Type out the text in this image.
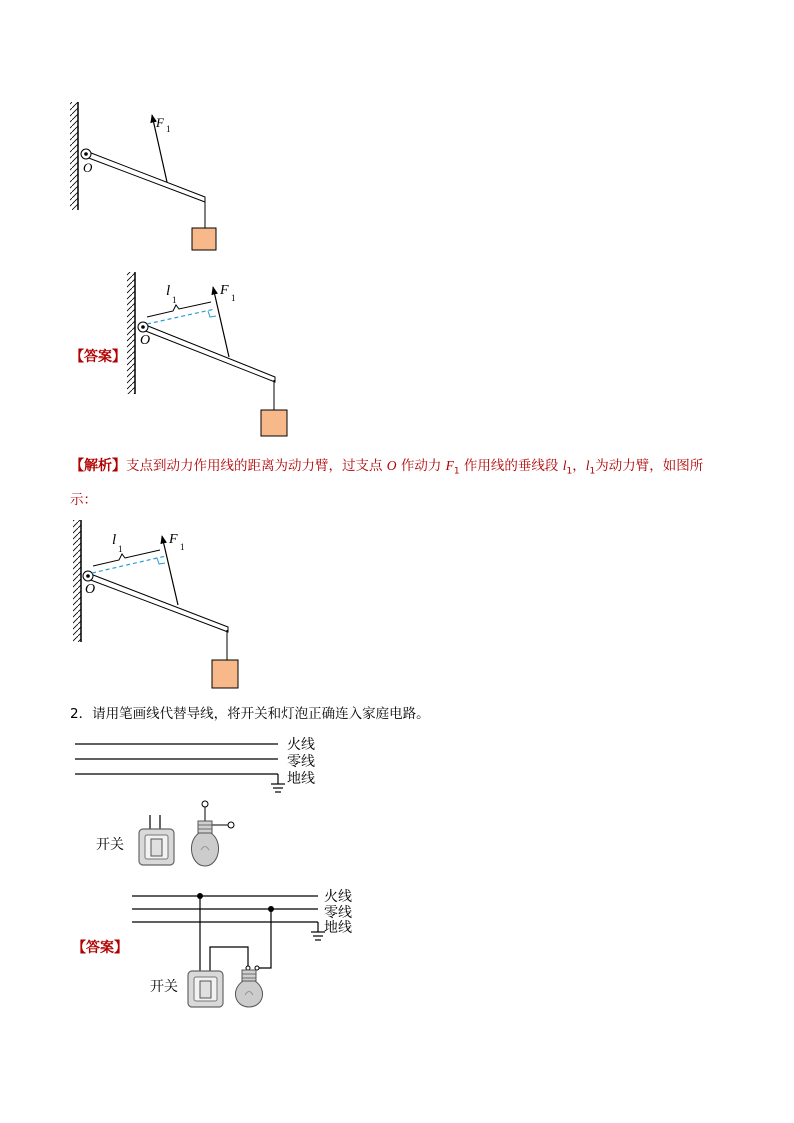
F 1
O
【答案】
F 1
l
1
O
【解析】支点到动力作用线的距离为动力臂，过支点 O 作动力 $F_1$ 作用线的垂线段 $l_1$，$l_1$为动力臂，如图所
示：
F 1
l
1
O
2．请用笔画线代替导线，将开关和灯泡正确连入家庭电路。
火线
零线
地线
开关
【答案】
火线
零线
地线
开关
